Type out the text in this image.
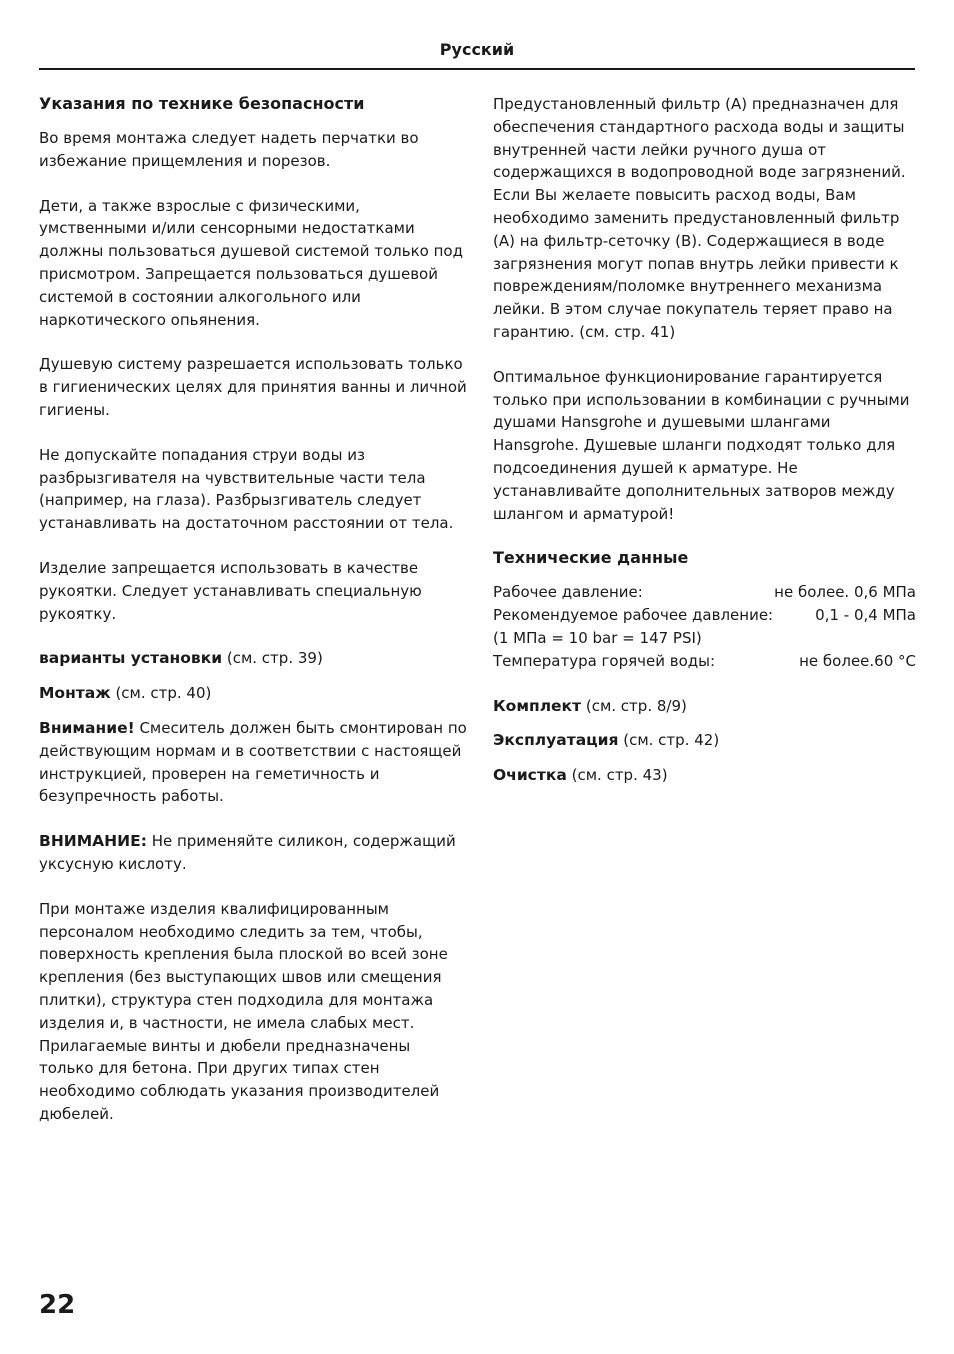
Русский
Указания по технике безопасности

Во время монтажа следует надеть перчатки во избежание прищемления и порезов.

Дети, а также взрослые с физическими, умственными и/или сенсорными недостатками должны пользоваться душевой системой только под присмотром. Запрещается пользоваться душевой системой в состоянии алкогольного или наркотического опьянения.

Душевую систему разрешается использовать только в гигиенических целях для принятия ванны и личной гигиены.

Не допускайте попадания струи воды из разбрызгивателя на чувствительные части тела (например, на глаза). Разбрызгиватель следует устанавливать на достаточном расстоянии от тела.

Изделие запрещается использовать в качестве рукоятки. Следует устанавливать специальную рукоятку.

варианты установки (см. стр. 39)

Монтаж (см. стр. 40)

Внимание! Смеситель должен быть смонтирован по действующим нормам и в соответствии с настоящей инструкцией, проверен на геметичность и безупречность работы.

ВНИМАНИЕ: Не применяйте силикон, содержащий уксусную кислоту.

При монтаже изделия квалифицированным персоналом необходимо следить за тем, чтобы, поверхность крепления была плоской во всей зоне крепления (без выступающих швов или смещения плитки), структура стен подходила для монтажа изделия и, в частности, не имела слабых мест. Прилагаемые винты и дюбели предназначены только для бетона. При других типах стен необходимо соблюдать указания производителей дюбелей.

Предустановленный фильтр (A) предназначен для обеспечения стандартного расхода воды и защиты внутренней части лейки ручного душа от содержащихся в водопроводной воде загрязнений. Если Вы желаете повысить расход воды, Вам необходимо заменить предустановленный фильтр (A) на фильтр-сеточку (B). Содержащиеся в воде загрязнения могут попав внутрь лейки привести к повреждениям/поломке внутреннего механизма лейки. В этом случае покупатель теряет право на гарантию. (см. стр. 41)

Оптимальное функционирование гарантируется только при использовании в комбинации с ручными душами Hansgrohe и душевыми шлангами Hansgrohe. Душевые шланги подходят только для подсоединения душей к арматуре. Не устанавливайте дополнительных затворов между шлангом и арматурой!

Технические данные
Рабочее давление:	не более. 0,6 МПа
Рекомендуемое рабочее давление:	0,1 - 0,4 МПа
(1 МПа = 10 bar = 147 PSI)
Температура горячей воды:	не более.60 °C

Комплект (см. стр. 8/9)

Эксплуатация (см. стр. 42)

Очистка (см. стр. 43)

22
